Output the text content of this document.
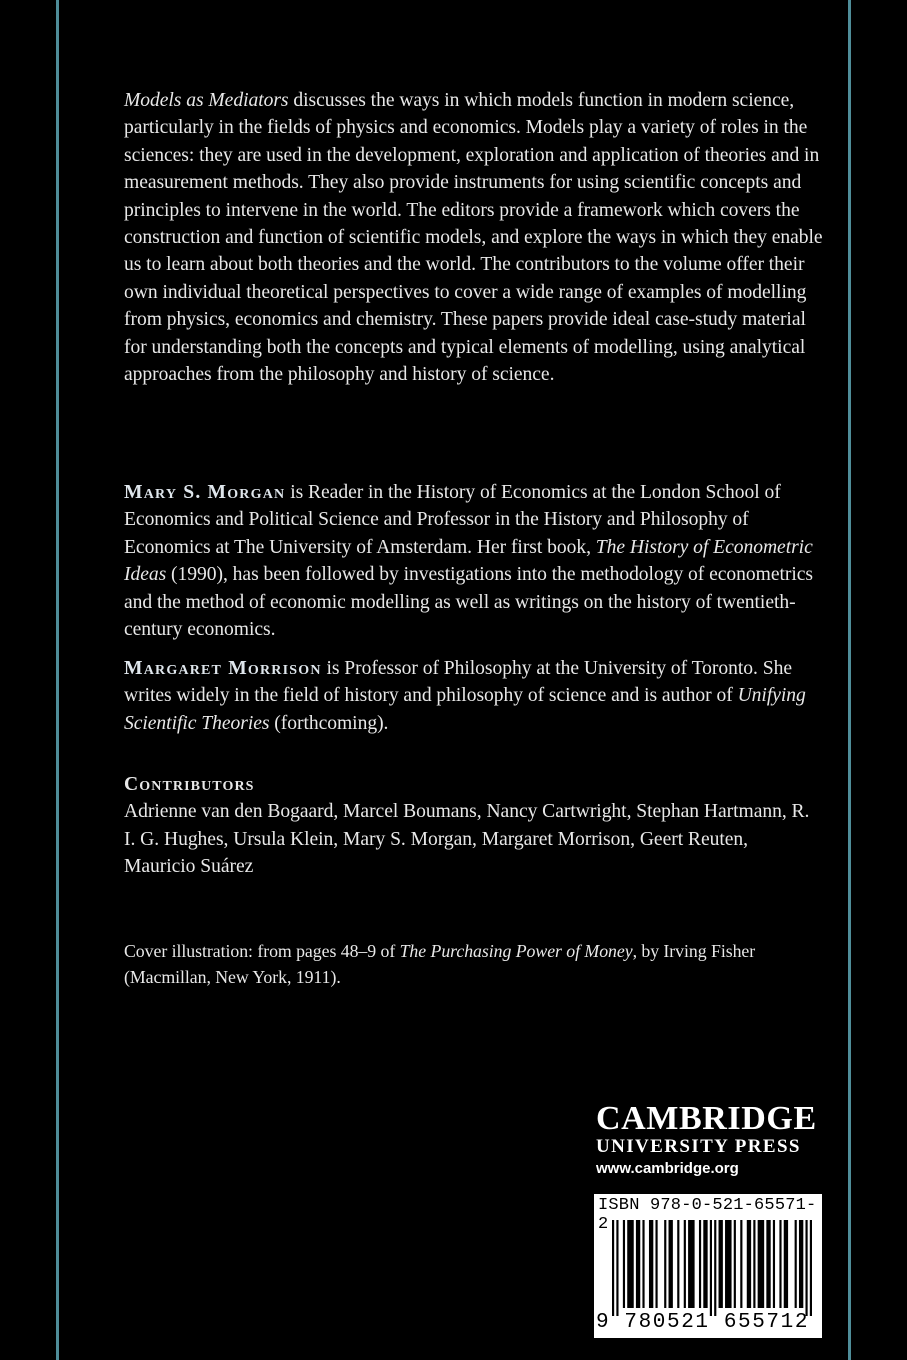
Models as Mediators discusses the ways in which models function in modern science, particularly in the fields of physics and economics. Models play a variety of roles in the sciences: they are used in the development, exploration and application of theories and in measurement methods. They also provide instruments for using scientific concepts and principles to intervene in the world. The editors provide a framework which covers the construction and function of scientific models, and explore the ways in which they enable us to learn about both theories and the world. The contributors to the volume offer their own individual theoretical perspectives to cover a wide range of examples of modelling from physics, economics and chemistry. These papers provide ideal case-study material for understanding both the concepts and typical elements of modelling, using analytical approaches from the philosophy and history of science.

Mary S. Morgan is Reader in the History of Economics at the London School of Economics and Political Science and Professor in the History and Philosophy of Economics at The University of Amsterdam. Her first book, The History of Econometric Ideas (1990), has been followed by investigations into the methodology of econometrics and the method of economic modelling as well as writings on the history of twentieth-century economics.

Margaret Morrison is Professor of Philosophy at the University of Toronto. She writes widely in the field of history and philosophy of science and is author of Unifying Scientific Theories (forthcoming).

Contributors

Adrienne van den Bogaard, Marcel Boumans, Nancy Cartwright, Stephan Hartmann, R. I. G. Hughes, Ursula Klein, Mary S. Morgan, Margaret Morrison, Geert Reuten, Mauricio Suárez

Cover illustration: from pages 48–9 of The Purchasing Power of Money, by Irving Fisher (Macmillan, New York, 1911).

CAMBRIDGE
UNIVERSITY PRESS
www.cambridge.org
ISBN 978-0-521-65571-2
9 780521 655712 >
